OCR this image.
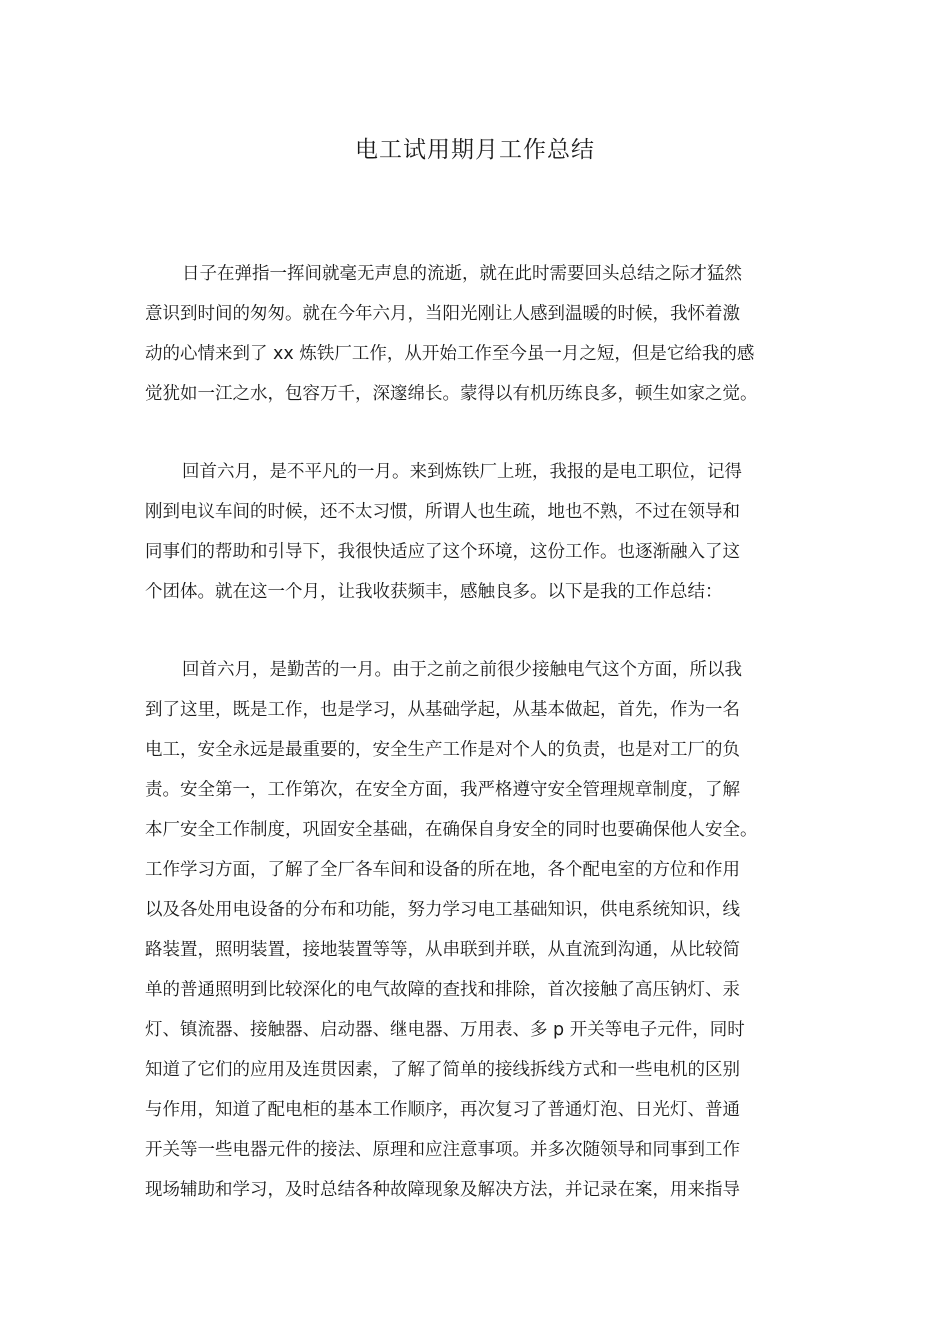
电工试用期月工作总结
日子在弹指一挥间就毫无声息的流逝，就在此时需要回头总结之际才猛然
意识到时间的匆匆。就在今年六月，当阳光刚让人感到温暖的时候，我怀着激
动的心情来到了 xx 炼铁厂工作，从开始工作至今虽一月之短，但是它给我的感
觉犹如一江之水，包容万千，深邃绵长。蒙得以有机历练良多，顿生如家之觉。
回首六月，是不平凡的一月。来到炼铁厂上班，我报的是电工职位，记得
刚到电议车间的时候，还不太习惯，所谓人也生疏，地也不熟，不过在领导和
同事们的帮助和引导下，我很快适应了这个环境，这份工作。也逐渐融入了这
个团体。就在这一个月，让我收获频丰，感触良多。以下是我的工作总结：
回首六月，是勤苦的一月。由于之前之前很少接触电气这个方面，所以我
到了这里，既是工作，也是学习，从基础学起，从基本做起，首先，作为一名
电工，安全永远是最重要的，安全生产工作是对个人的负责，也是对工厂的负
责。安全第一，工作第次，在安全方面，我严格遵守安全管理规章制度，了解
本厂安全工作制度，巩固安全基础，在确保自身安全的同时也要确保他人安全。
工作学习方面，了解了全厂各车间和设备的所在地，各个配电室的方位和作用
以及各处用电设备的分布和功能，努力学习电工基础知识，供电系统知识，线
路装置，照明装置，接地装置等等，从串联到并联，从直流到沟通，从比较简
单的普通照明到比较深化的电气故障的查找和排除，首次接触了高压钠灯、汞
灯、镇流器、接触器、启动器、继电器、万用表、多 p 开关等电子元件，同时
知道了它们的应用及连贯因素，了解了简单的接线拆线方式和一些电机的区别
与作用，知道了配电柜的基本工作顺序，再次复习了普通灯泡、日光灯、普通
开关等一些电器元件的接法、原理和应注意事项。并多次随领导和同事到工作
现场辅助和学习，及时总结各种故障现象及解决方法，并记录在案，用来指导
